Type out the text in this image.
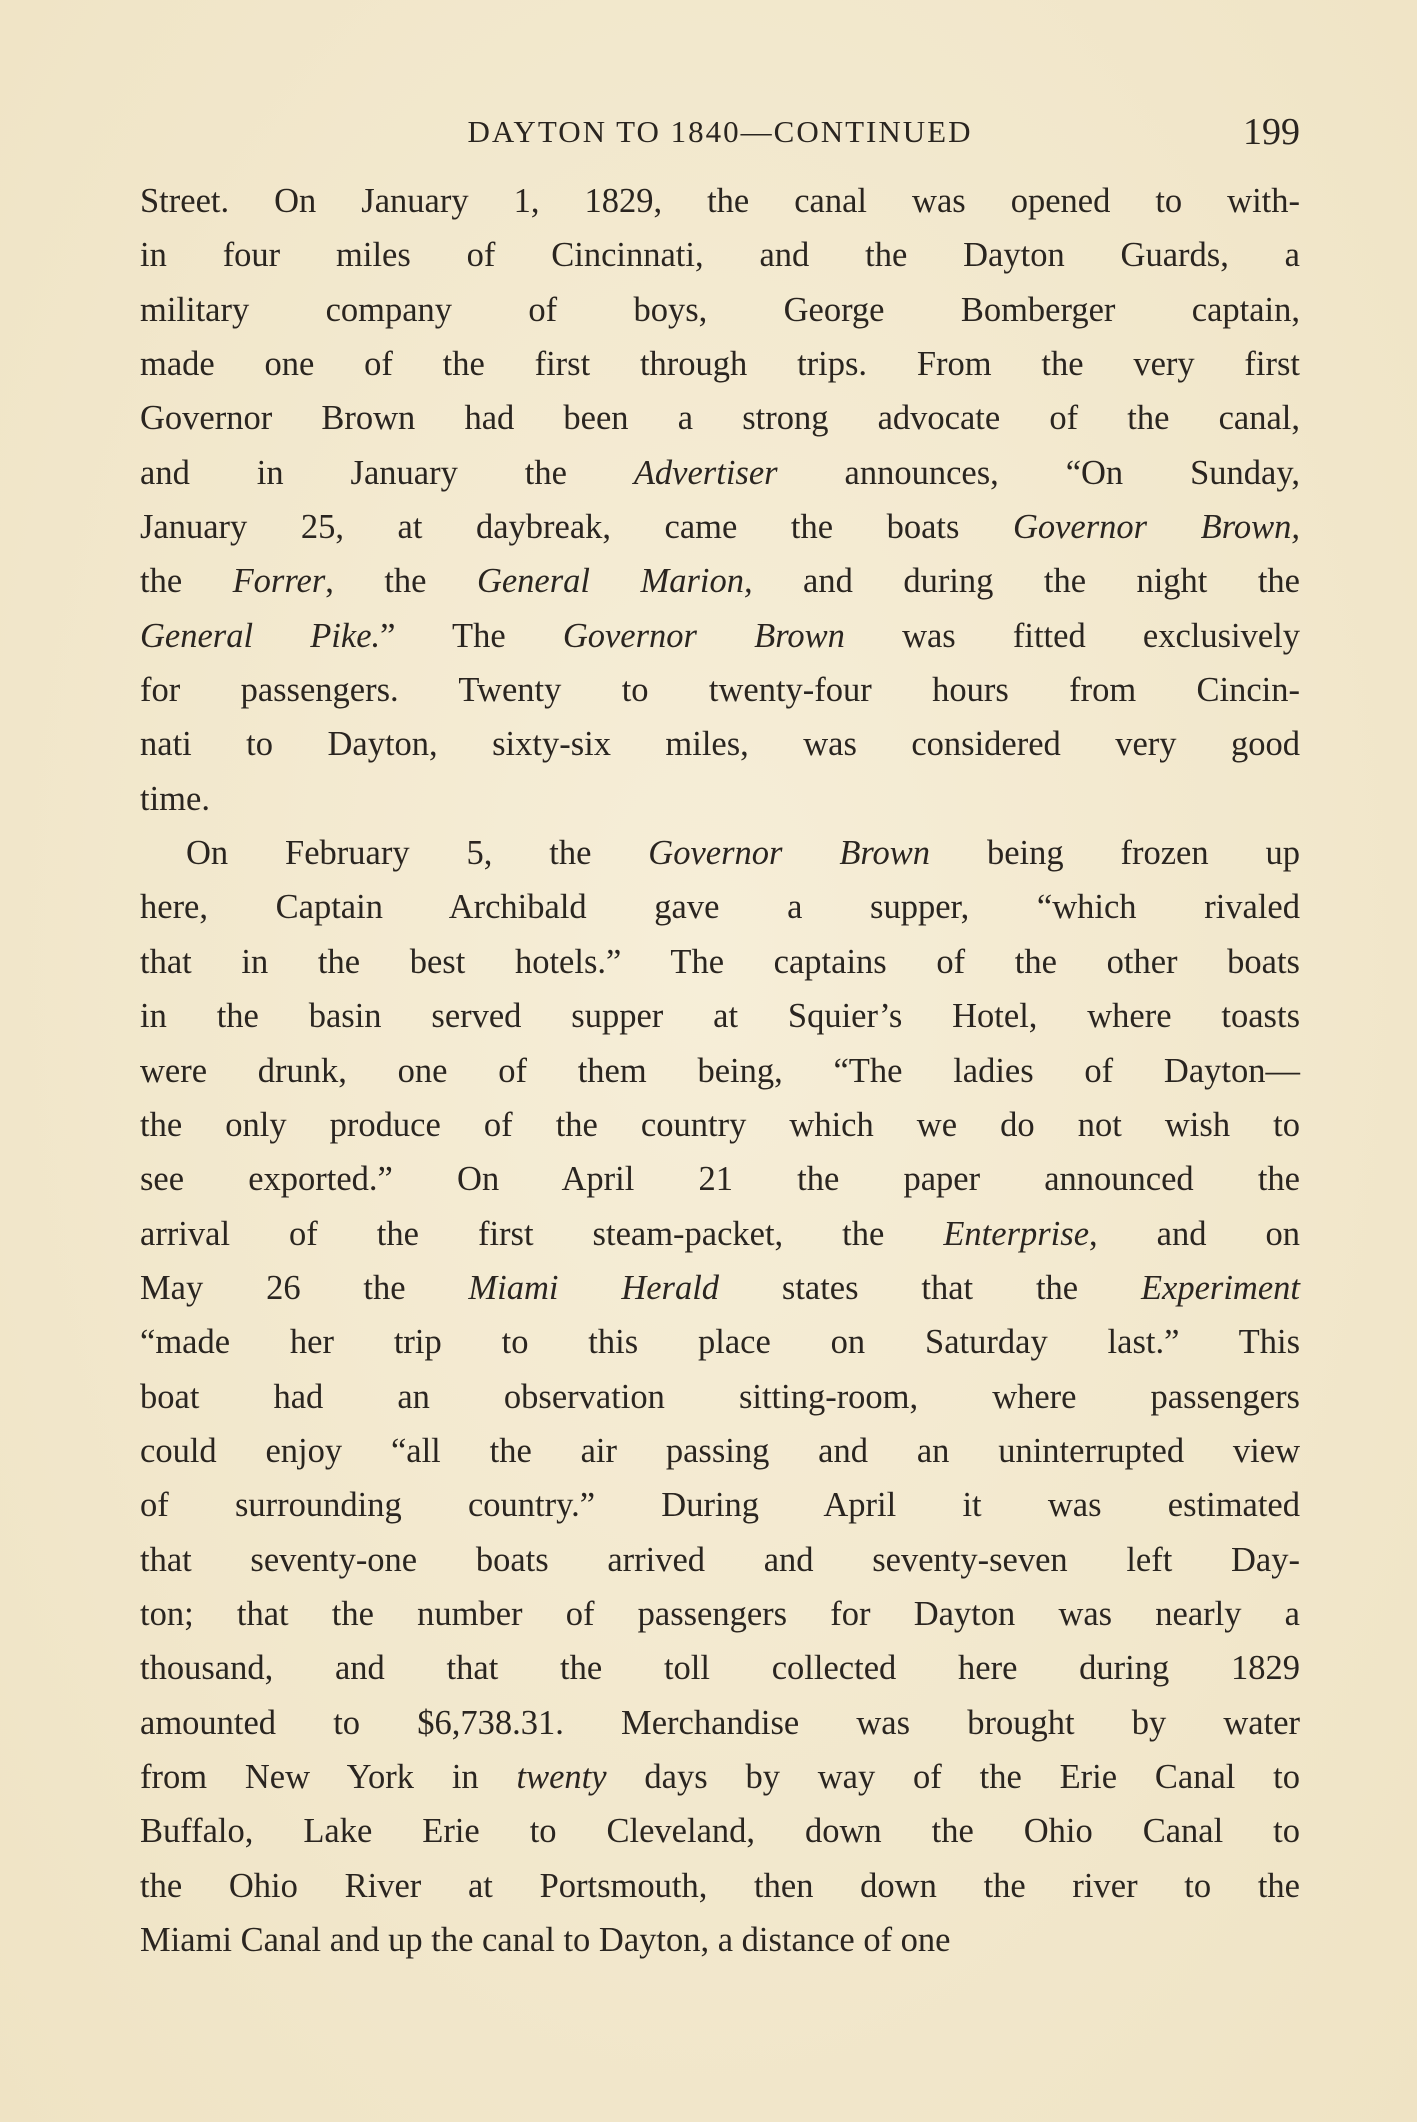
DAYTON TO 1840—CONTINUED	199
Street. On January 1, 1829, the canal was opened to with-
in four miles of Cincinnati, and the Dayton Guards, a
military company of boys, George Bomberger captain,
made one of the first through trips. From the very first
Governor Brown had been a strong advocate of the canal,
and in January the Advertiser announces, “On Sunday,
January 25, at daybreak, came the boats Governor Brown,
the Forrer, the General Marion, and during the night the
General Pike.” The Governor Brown was fitted exclusively
for passengers. Twenty to twenty-four hours from Cincin-
nati to Dayton, sixty-six miles, was considered very good
time.
On February 5, the Governor Brown being frozen up
here, Captain Archibald gave a supper, “which rivaled
that in the best hotels.” The captains of the other boats
in the basin served supper at Squier’s Hotel, where toasts
were drunk, one of them being, “The ladies of Dayton—
the only produce of the country which we do not wish to
see exported.” On April 21 the paper announced the
arrival of the first steam-packet, the Enterprise, and on
May 26 the Miami Herald states that the Experiment
“made her trip to this place on Saturday last.” This
boat had an observation sitting-room, where passengers
could enjoy “all the air passing and an uninterrupted view
of surrounding country.” During April it was estimated
that seventy-one boats arrived and seventy-seven left Day-
ton; that the number of passengers for Dayton was nearly a
thousand, and that the toll collected here during 1829
amounted to $6,738.31. Merchandise was brought by water
from New York in twenty days by way of the Erie Canal to
Buffalo, Lake Erie to Cleveland, down the Ohio Canal to
the Ohio River at Portsmouth, then down the river to the
Miami Canal and up the canal to Dayton, a distance of one
